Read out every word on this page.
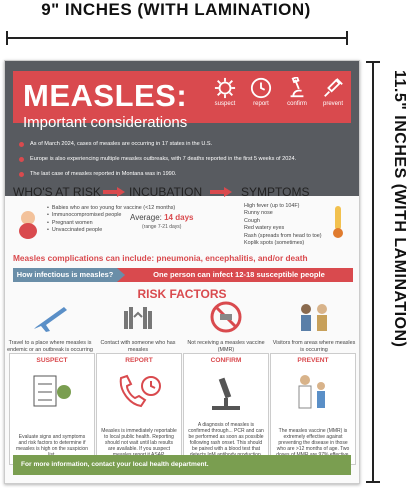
9" INCHES (WITH LAMINATION)
11.5" INCHES (WITH LAMINATION)
MEASLES:
Important considerations
suspect	report	confirm	prevent
As of March 2024, cases of measles are occurring in 17 states in the U.S.
Europe is also experiencing multiple measles outbreaks, with 7 deaths reported in the first 5 weeks of 2024.
The last case of measles reported in Montana was in 1990.
WHO'S AT RISK INCUBATION	SYMPTOMS
• Babies who are too young for vaccine (<12 months)
• Immunocompromised people
• Pregnant women
• Unvaccinated people
Average: 14 days
(range 7-21 days)
High fever (up to 104F)
Runny nose
Cough
Red watery eyes
Rash (spreads from head to toe)
Koplik spots (sometimes)
Measles complications can include: pneumonia, encephalitis, and/or death
How infectious is measles?	One person can infect 12-18 susceptible people
RISK FACTORS
Travel to a place where measles is endemic or an outbreak is occurring
Contact with someone who has measles
Not receiving a measles vaccine (MMR)
Visitors from areas where measles is occurring
SUSPECT
Evaluate signs and symptoms and risk factors to determine if measles is high on the suspicion
REPORT
Measles is immediately reportable to local public health. Reporting should not wait until lab results are available. If you suspect
CONFIRM
A diagnosis of measles is confirmed through... PCR and can be performed as soon as possible following rash onset. This should be paired with a blood test that
PREVENT
The measles vaccine (MMR) is extremely effective against preventing the disease in those who are >12 months of age. Two
For more information, contact your local health department.
